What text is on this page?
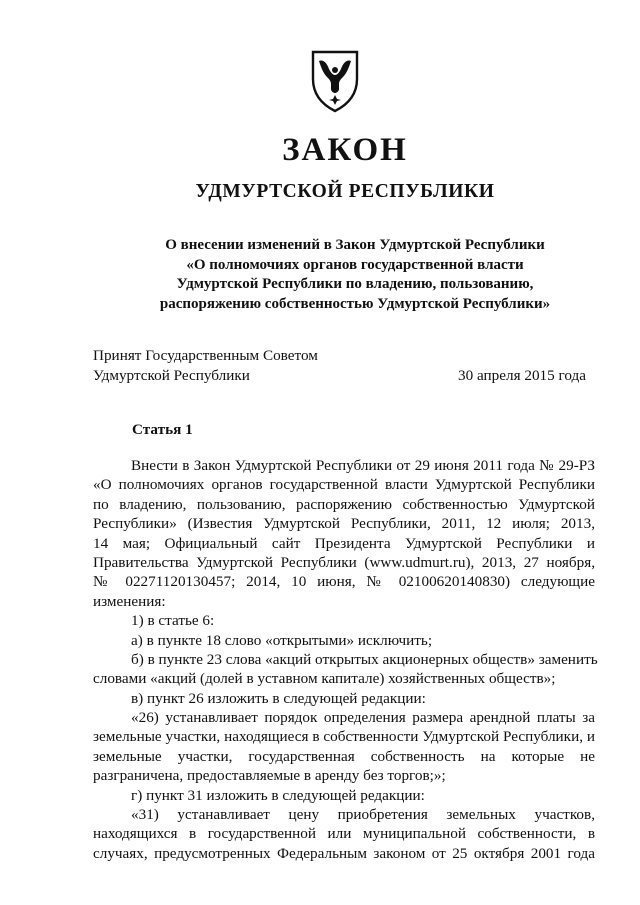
ЗАКОН
УДМУРТСКОЙ РЕСПУБЛИКИ
О внесении изменений в Закон Удмуртской Республики
«О полномочиях органов государственной власти
Удмуртской Республики по владению, пользованию,
распоряжению собственностью Удмуртской Республики»
Принят Государственным Советом
Удмуртской Республики	30 апреля 2015 года
Статья 1
Внести в Закон Удмуртской Республики от 29 июня 2011 года № 29-РЗ
«О полномочиях органов государственной власти Удмуртской Республики
по владению, пользованию, распоряжению собственностью Удмуртской
Республики» (Известия Удмуртской Республики, 2011, 12 июля; 2013,
14 мая; Официальный сайт Президента Удмуртской Республики и
Правительства Удмуртской Республики (www.udmurt.ru), 2013, 27 ноября,
№ 02271120130457; 2014, 10 июня, № 02100620140830) следующие
изменения:
1) в статье 6:
а) в пункте 18 слово «открытыми» исключить;
б) в пункте 23 слова «акций открытых акционерных обществ» заменить
словами «акций (долей в уставном капитале) хозяйственных обществ»;
в) пункт 26 изложить в следующей редакции:
«26) устанавливает порядок определения размера арендной платы за
земельные участки, находящиеся в собственности Удмуртской Республики, и
земельные участки, государственная собственность на которые не
разграничена, предоставляемые в аренду без торгов;»;
г) пункт 31 изложить в следующей редакции:
«31) устанавливает цену приобретения земельных участков,
находящихся в государственной или муниципальной собственности, в
случаях, предусмотренных Федеральным законом от 25 октября 2001 года
